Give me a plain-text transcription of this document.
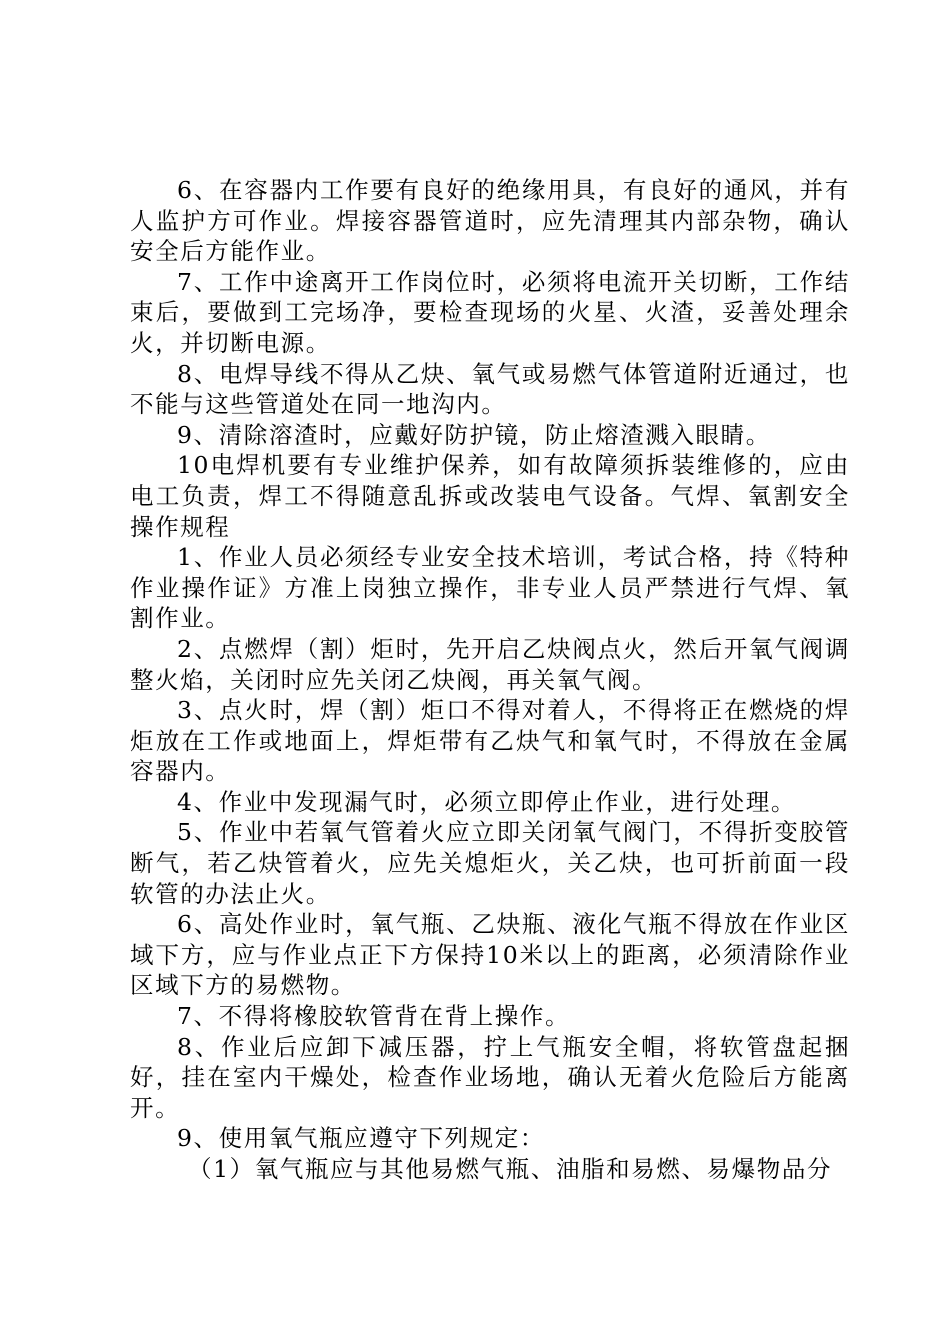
6、在容器内工作要有良好的绝缘用具，有良好的通风，并有人监护方可作业。焊接容器管道时，应先清理其内部杂物，确认安全后方能作业。

7、工作中途离开工作岗位时，必须将电流开关切断，工作结束后，要做到工完场净，要检查现场的火星、火渣，妥善处理余火，并切断电源。

8、电焊导线不得从乙炔、氧气或易燃气体管道附近通过，也不能与这些管道处在同一地沟内。

9、清除溶渣时，应戴好防护镜，防止熔渣溅入眼睛。

10电焊机要有专业维护保养，如有故障须拆装维修的，应由电工负责，焊工不得随意乱拆或改装电气设备。气焊、氧割安全操作规程

1、作业人员必须经专业安全技术培训，考试合格，持《特种作业操作证》方准上岗独立操作，非专业人员严禁进行气焊、氧割作业。

2、点燃焊（割）炬时，先开启乙炔阀点火，然后开氧气阀调整火焰，关闭时应先关闭乙炔阀，再关氧气阀。

3、点火时，焊（割）炬口不得对着人，不得将正在燃烧的焊炬放在工作或地面上，焊炬带有乙炔气和氧气时，不得放在金属容器内。

4、作业中发现漏气时，必须立即停止作业，进行处理。

5、作业中若氧气管着火应立即关闭氧气阀门，不得折变胶管断气，若乙炔管着火，应先关熄炬火，关乙炔，也可折前面一段软管的办法止火。

6、高处作业时，氧气瓶、乙炔瓶、液化气瓶不得放在作业区域下方，应与作业点正下方保持10米以上的距离，必须清除作业区域下方的易燃物。

7、不得将橡胶软管背在背上操作。

8、作业后应卸下减压器，拧上气瓶安全帽，将软管盘起捆好，挂在室内干燥处，检查作业场地，确认无着火危险后方能离开。

9、使用氧气瓶应遵守下列规定：

（1）氧气瓶应与其他易燃气瓶、油脂和易燃、易爆物品分
